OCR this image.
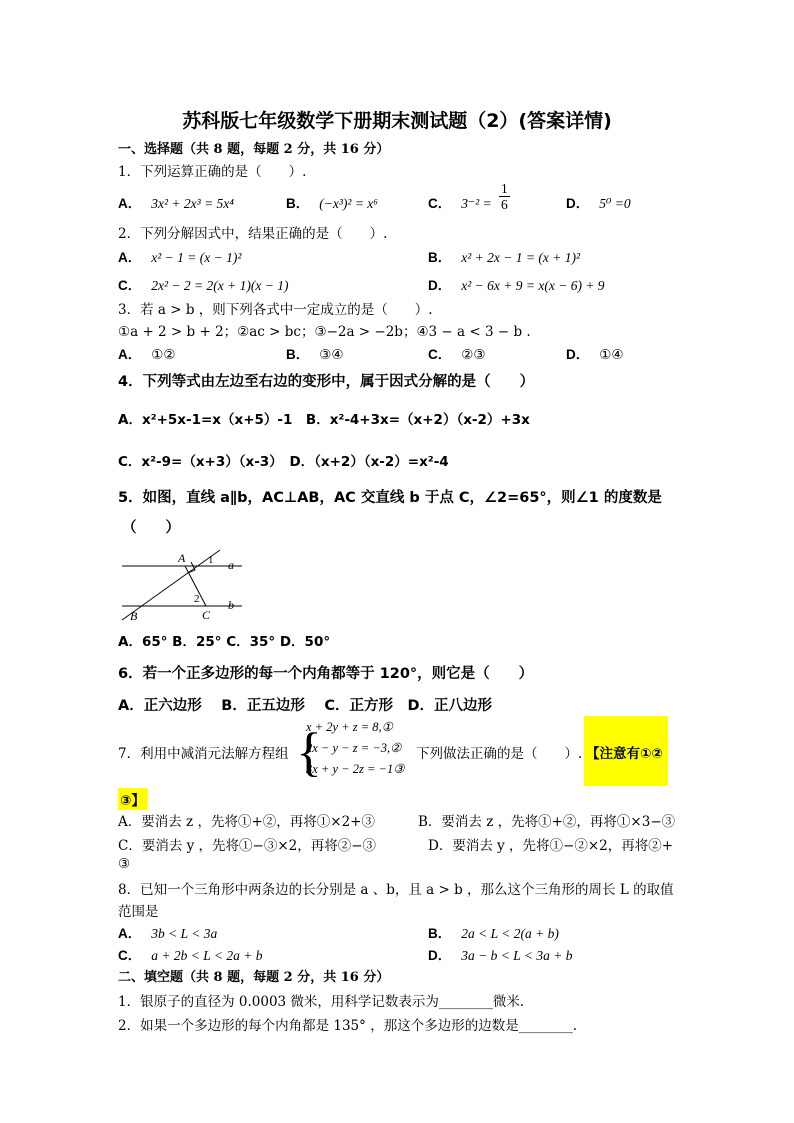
苏科版七年级数学下册期末测试题（2）(答案详情)
一、选择题（共 8 题，每题 2 分，共 16 分）
1．下列运算正确的是（　　）.
A． 3x² + 2x³ = 5x⁴	B． (−x³)² = x⁶	C． $3^{-2} = \frac{1}{6}$	D． 5⁰ =0
2．下列分解因式中，结果正确的是（　　）.
A． x² − 1 = (x − 1)²	B． x² + 2x − 1 = (x + 1)²
C． 2x² − 2 = 2(x + 1)(x − 1)	D． x² − 6x + 9 = x(x − 6) + 9
3．若 a > b ，则下列各式中一定成立的是（　　）.
①a + 2 > b + 2；②ac > bc；③−2a > −2b；④3 − a < 3 − b .
A． ①②	B． ③④	C． ②③	D． ①④
4．下列等式由左边至右边的变形中，属于因式分解的是（　　）
A．x²+5x-1=x（x+5）-1　B．x²-4+3x=（x+2）（x-2）+3x
C．x²-9=（x+3）（x-3）　D．（x+2）（x-2）=x²-4
5．如图，直线 a∥b，AC⊥AB，AC 交直线 b 于点 C，∠2=65°，则∠1 的度数是
（　　）
A
B	C
a
b
1
2
A．65° B．25° C．35° D．50°
6．若一个正多边形的每一个内角都等于 120°，则它是（　　）
A．正六边形　 B．正五边形　 C．正方形　D．正八边形
7．利用中减消元法解方程组 {
x + 2y + z = 8,①
2x − y − z = −3,②
3x + y − 2z = −1③
下列做法正确的是（　　）. 【注意有①②
③】
A．要消去 z ，先将①+②，再将①×2+③	B．要消去 z ，先将①+②，再将①×3−③
C．要消去 y ，先将①−③×2，再将②−③	D．要消去 y ，先将①−②×2，再将②+
③
8．已知一个三角形中两条边的长分别是 a 、b，且 a > b ，那么这个三角形的周长 L 的取值
范围是
A． 3b < L < 3a	B． 2a < L < 2(a + b)
C． a + 2b < L < 2a + b	D． 3a − b < L < 3a + b
二、填空题（共 8 题，每题 2 分，共 16 分）
1．银原子的直径为 0.0003 微米，用科学记数表示为________微米.
2．如果一个多边形的每个内角都是 135° ，那这个多边形的边数是________.
